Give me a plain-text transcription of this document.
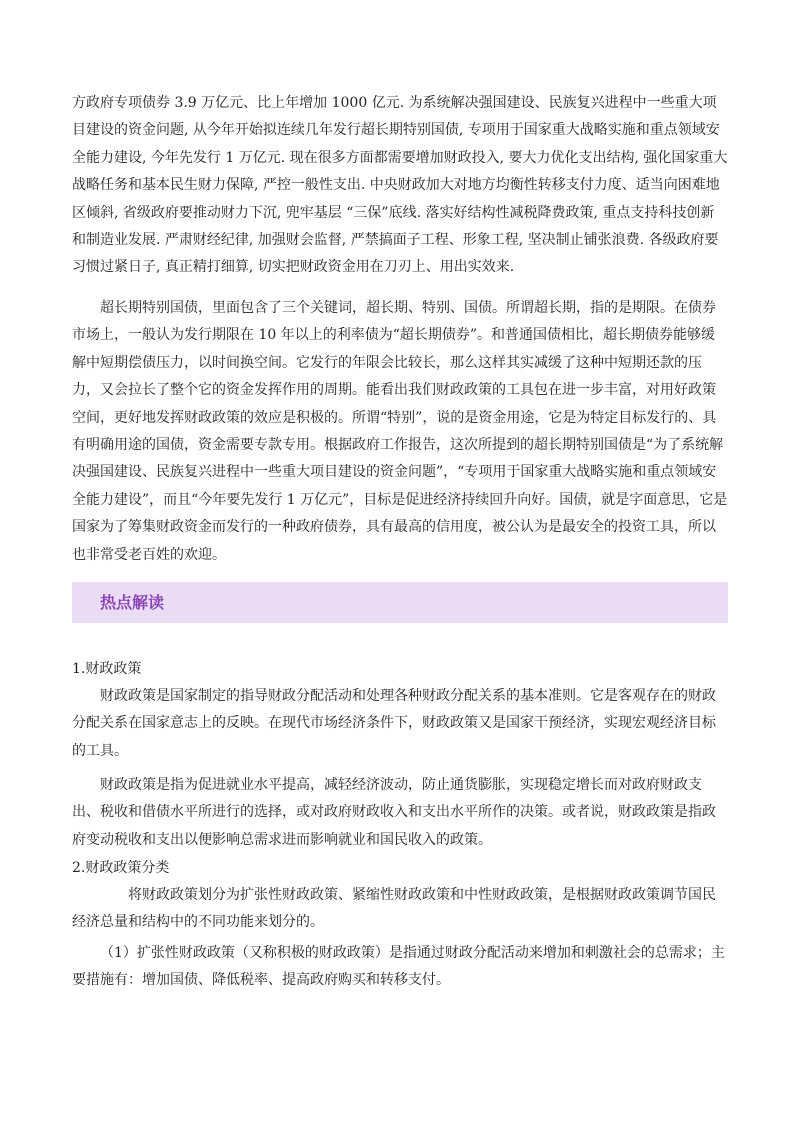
方政府专项债券 3.9 万亿元、比上年增加 1000 亿元. 为系统解决强国建设、民族复兴进程中一些重大项目建设的资金问题, 从今年开始拟连续几年发行超长期特别国债, 专项用于国家重大战略实施和重点领域安全能力建设, 今年先发行 1 万亿元. 现在很多方面都需要增加财政投入, 要大力优化支出结构, 强化国家重大战略任务和基本民生财力保障, 严控一般性支出. 中央财政加大对地方均衡性转移支付力度、适当向困难地区倾斜, 省级政府要推动财力下沉, 兜牢基层 “三保”底线. 落实好结构性减税降费政策, 重点支持科技创新和制造业发展. 严肃财经纪律, 加强财会监督, 严禁搞面子工程、形象工程, 坚决制止铺张浪费. 各级政府要习惯过紧日子, 真正精打细算, 切实把财政资金用在刀刃上、用出实效来.

超长期特别国债，里面包含了三个关键词，超长期、特别、国债。所谓超长期，指的是期限。在债券市场上，一般认为发行期限在 10 年以上的利率债为“超长期债券”。和普通国债相比，超长期债券能够缓解中短期偿债压力，以时间换空间。它发行的年限会比较长，那么这样其实减缓了这种中短期还款的压力，又会拉长了整个它的资金发挥作用的周期。能看出我们财政政策的工具包在进一步丰富，对用好政策空间，更好地发挥财政政策的效应是积极的。所谓“特别”，说的是资金用途，它是为特定目标发行的、具有明确用途的国债，资金需要专款专用。根据政府工作报告，这次所提到的超长期特别国债是“为了系统解决强国建设、民族复兴进程中一些重大项目建设的资金问题”，“专项用于国家重大战略实施和重点领域安全能力建设”，而且“今年要先发行 1 万亿元”，目标是促进经济持续回升向好。国债，就是字面意思，它是国家为了筹集财政资金而发行的一种政府债券，具有最高的信用度，被公认为是最安全的投资工具，所以也非常受老百姓的欢迎。

热点解读
1.财政政策

财政政策是国家制定的指导财政分配活动和处理各种财政分配关系的基本准则。它是客观存在的财政分配关系在国家意志上的反映。在现代市场经济条件下，财政政策又是国家干预经济，实现宏观经济目标的工具。

财政政策是指为促进就业水平提高，减轻经济波动，防止通货膨胀，实现稳定增长而对政府财政支出、税收和借债水平所进行的选择，或对政府财政收入和支出水平所作的决策。或者说，财政政策是指政府变动税收和支出以便影响总需求进而影响就业和国民收入的政策。

2.财政政策分类

将财政政策划分为扩张性财政政策、紧缩性财政政策和中性财政政策，是根据财政政策调节国民经济总量和结构中的不同功能来划分的。

（1）扩张性财政政策（又称积极的财政政策）是指通过财政分配活动来增加和刺激社会的总需求；主要措施有：增加国债、降低税率、提高政府购买和转移支付。
